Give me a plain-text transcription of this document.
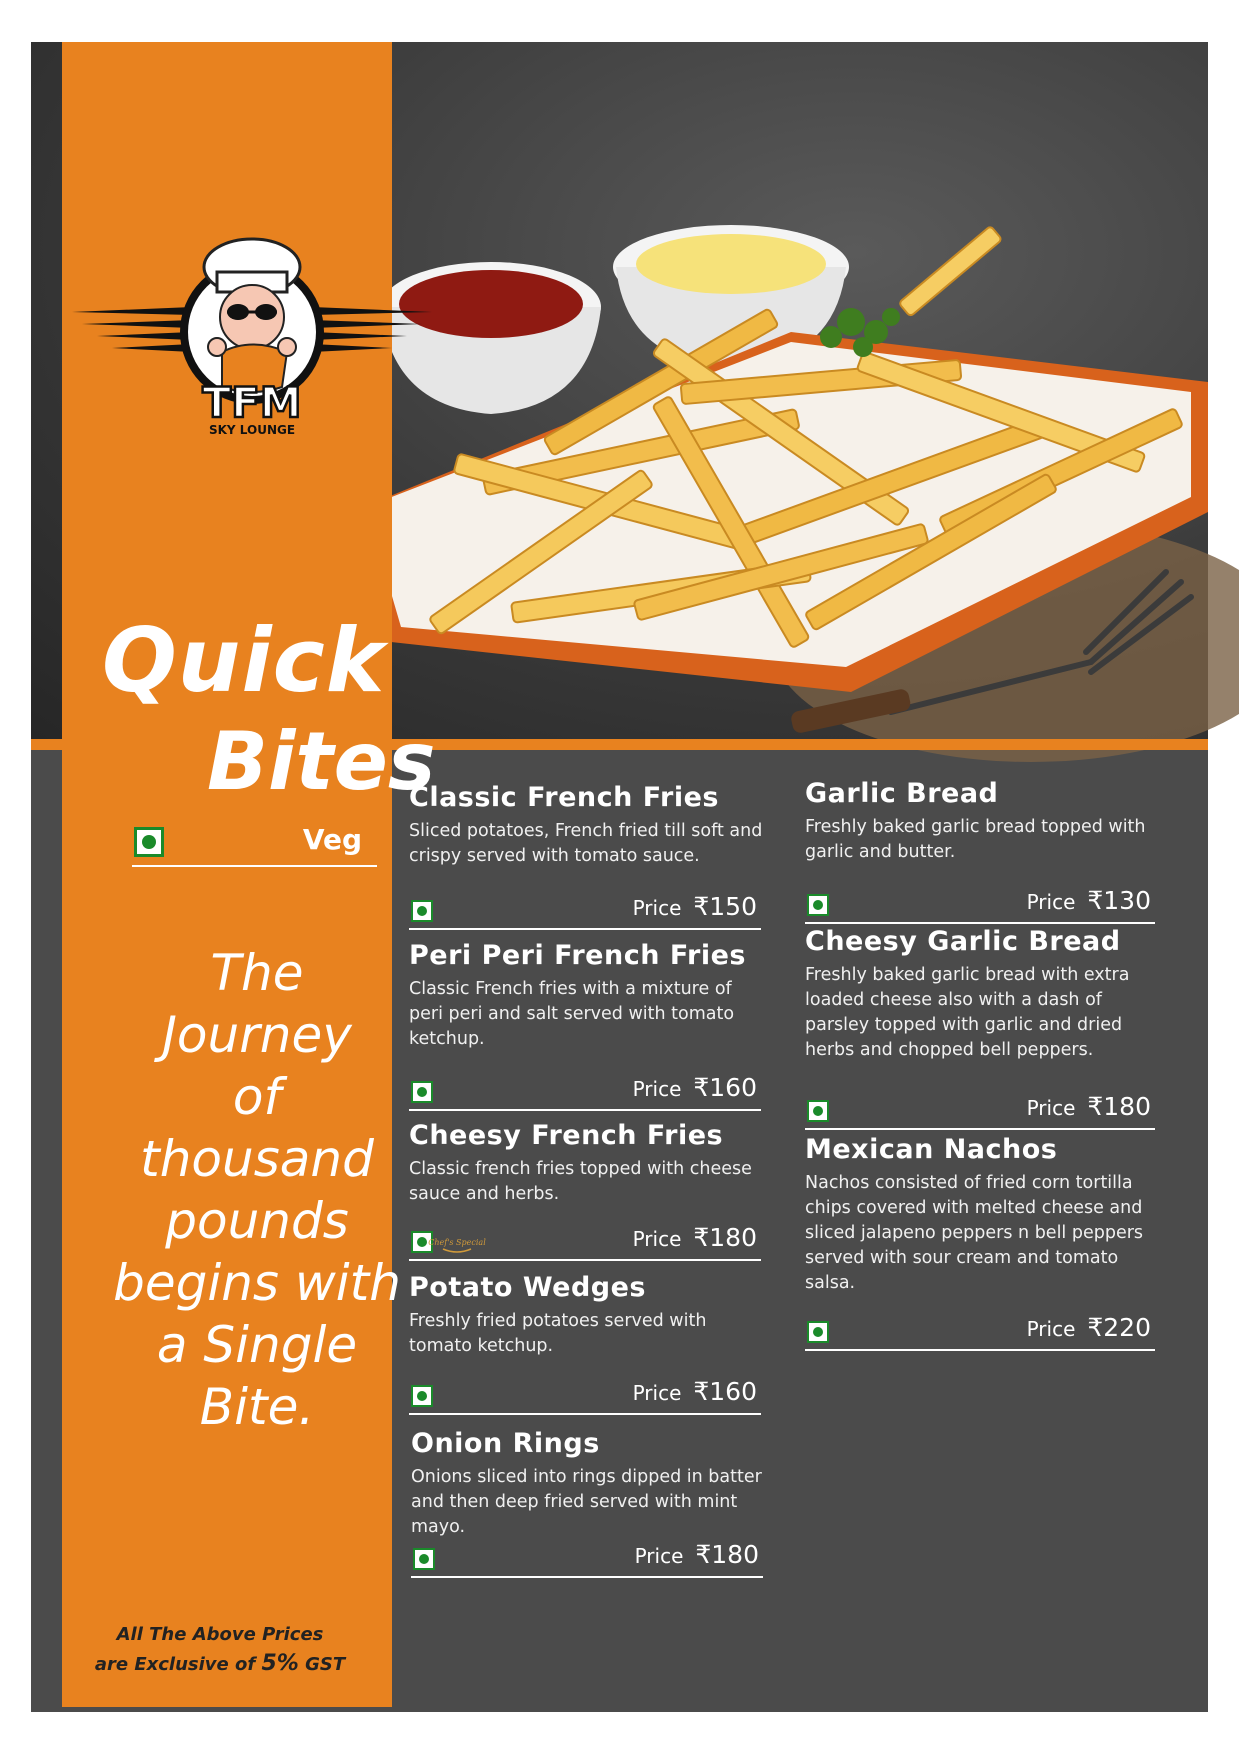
TFM
SKY LOUNGE
Quick
Bites
Veg
The Journey
of thousand
pounds
begins with
a Single Bite.
Classic French Fries

Sliced potatoes, French fried till soft and crispy served with tomato sauce.

Price ₹150
Peri Peri French Fries

Classic French fries with a mixture of peri peri and salt served with tomato ketchup.

Price ₹160
Cheesy French Fries

Classic french fries topped with cheese sauce and herbs.

Chef's Special	Price ₹180
Potato Wedges

Freshly fried potatoes served with tomato ketchup.

Price ₹160
Onion Rings

Onions sliced into rings dipped in batter and then deep fried served with mint mayo.

Price ₹180
Garlic Bread

Freshly baked garlic bread topped with garlic and butter.

Price ₹130
Cheesy Garlic Bread

Freshly baked garlic bread with extra loaded cheese also with a dash of parsley topped with garlic and dried herbs and chopped bell peppers.

Price ₹180
Mexican Nachos

Nachos consisted of fried corn tortilla chips covered with melted cheese and sliced jalapeno peppers n bell peppers served with sour cream and tomato salsa.

Price ₹220
All The Above Prices
are Exclusive of 5% GST
